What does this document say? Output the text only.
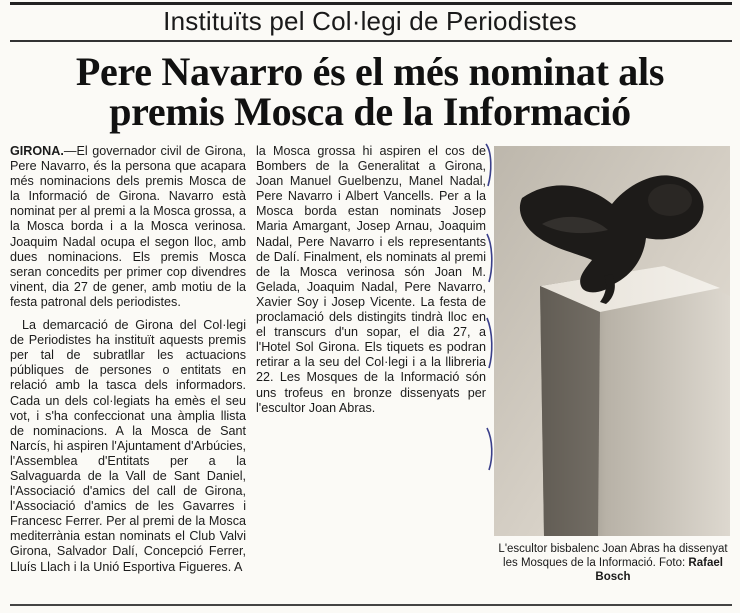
Instituïts pel Col·legi de Periodistes
Pere Navarro és el més nominat als
premis Mosca de la Informació

GIRONA.—El governador civil de Girona, Pere Navarro, és la persona que acapara més nominacions dels premis Mosca de la Informació de Girona. Navarro està nominat per al premi a la Mosca grossa, a la Mosca borda i a la Mosca verinosa. Joaquim Nadal ocupa el segon lloc, amb dues nominacions. Els premis Mosca seran concedits per primer cop divendres vinent, dia 27 de gener, amb motiu de la festa patronal dels periodistes.

La demarcació de Girona del Col·legi de Periodistes ha instituït aquests premis per tal de subratllar les actuacions públiques de persones o entitats en relació amb la tasca dels informadors. Cada un dels col·legiats ha emès el seu vot, i s'ha confeccionat una àmplia llista de nominacions. A la Mosca de Sant Narcís, hi aspiren l'Ajuntament d'Arbúcies, l'Assemblea d'Entitats per a la Salvaguarda de la Vall de Sant Daniel, l'Associació d'amics del call de Girona, l'Associació d'amics de les Gavarres i Francesc Ferrer. Per al premi de la Mosca mediterrània estan nominats el Club Valvi Girona, Salvador Dalí, Concepció Ferrer, Lluís Llach i la Unió Esportiva Figueres. A

la Mosca grossa hi aspiren el cos de Bombers de la Generalitat a Girona, Joan Manuel Guelbenzu, Manel Nadal, Pere Navarro i Albert Vancells. Per a la Mosca borda estan nominats Josep Maria Amargant, Josep Arnau, Joaquim Nadal, Pere Navarro i els representants de Dalí. Finalment, els nominats al premi de la Mosca verinosa són Joan M. Gelada, Joaquim Nadal, Pere Navarro, Xavier Soy i Josep Vicente. La festa de proclamació dels distingits tindrà lloc en el transcurs d'un sopar, el dia 27, a l'Hotel Sol Girona. Els tiquets es podran retirar a la seu del Col·legi i a la llibreria 22. Les Mosques de la Informació són uns trofeus en bronze dissenyats per l'escultor Joan Abras.

L'escultor bisbalenc Joan Abras ha dissenyat les Mosques de la Informació. Foto: Rafael Bosch
